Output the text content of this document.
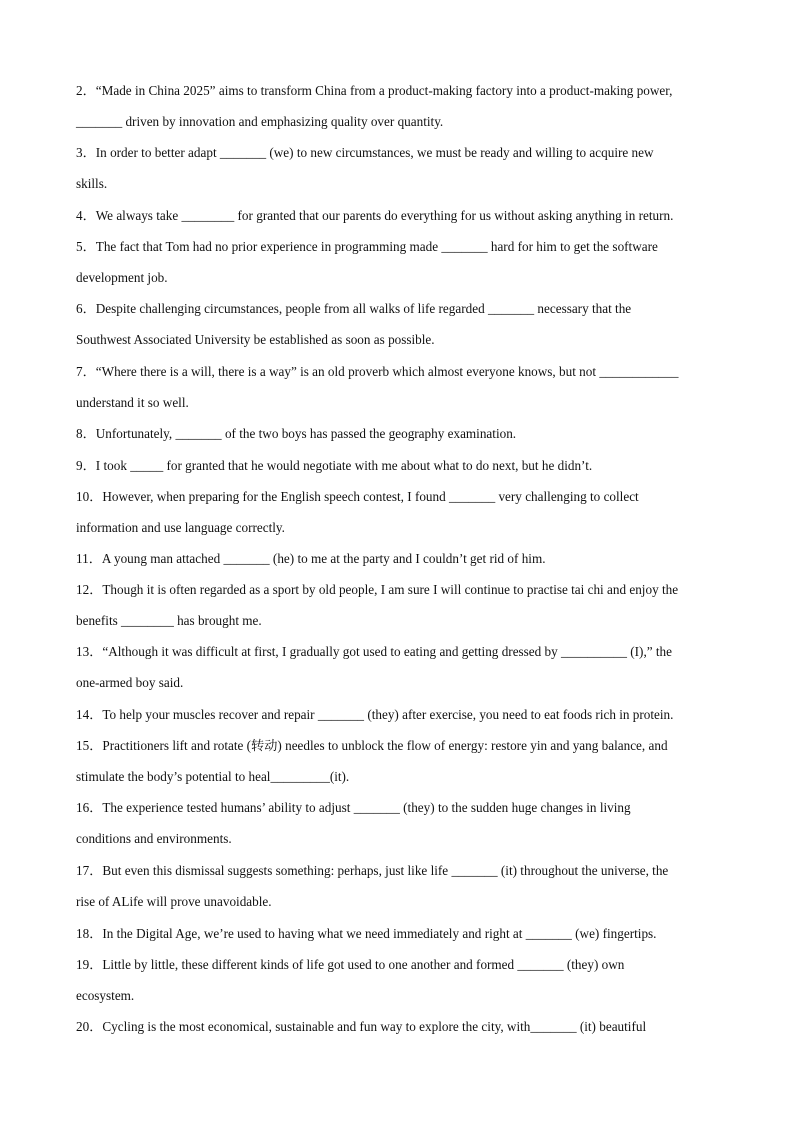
2．“Made in China 2025” aims to transform China from a product-making factory into a product-making power,
_______ driven by innovation and emphasizing quality over quantity.
3．In order to better adapt _______ (we) to new circumstances, we must be ready and willing to acquire new
skills.
4．We always take ________ for granted that our parents do everything for us without asking anything in return.
5．The fact that Tom had no prior experience in programming made _______ hard for him to get the software
development job.
6．Despite challenging circumstances, people from all walks of life regarded _______ necessary that the
Southwest Associated University be established as soon as possible.
7．“Where there is a will, there is a way” is an old proverb which almost everyone knows, but not ____________
understand it so well.
8．Unfortunately, _______ of the two boys has passed the geography examination.
9．I took _____ for granted that he would negotiate with me about what to do next, but he didn’t.
10．However, when preparing for the English speech contest, I found _______ very challenging to collect
information and use language correctly.
11．A young man attached _______ (he) to me at the party and I couldn’t get rid of him.
12．Though it is often regarded as a sport by old people, I am sure I will continue to practise tai chi and enjoy the
benefits ________ has brought me.
13．“Although it was difficult at first, I gradually got used to eating and getting dressed by __________ (I),” the
one-armed boy said.
14．To help your muscles recover and repair _______ (they) after exercise, you need to eat foods rich in protein.
15．Practitioners lift and rotate (转动) needles to unblock the flow of energy: restore yin and yang balance, and
stimulate the body’s potential to heal_________(it).
16．The experience tested humans’ ability to adjust _______ (they) to the sudden huge changes in living
conditions and environments.
17．But even this dismissal suggests something: perhaps, just like life _______ (it) throughout the universe, the
rise of ALife will prove unavoidable.
18．In the Digital Age, we’re used to having what we need immediately and right at _______ (we) fingertips.
19．Little by little, these different kinds of life got used to one another and formed _______ (they) own
ecosystem.
20．Cycling is the most economical, sustainable and fun way to explore the city, with_______ (it) beautiful
